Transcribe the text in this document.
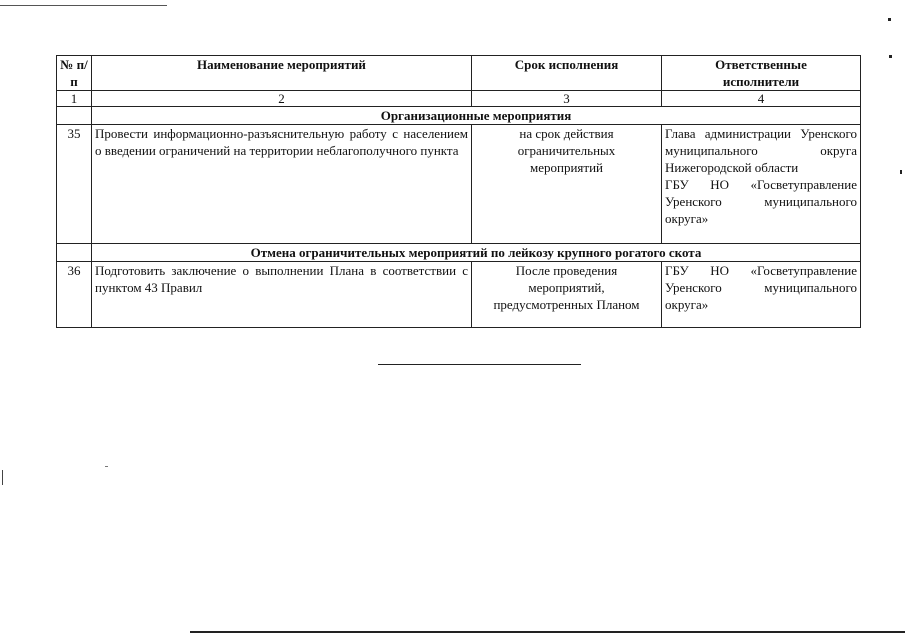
№ п/п	Наименование мероприятий	Срок исполнения	Ответственные исполнители
1	2	3	4
	Организационные мероприятия		
35	Провести информационно-разъяснительную работу с населением о введении ограничений на территории неблагополучного пункта	на срок действия ограничительных мероприятий	Глава администрации Уренского муниципального округа Нижегородской области
ГБУ НО «Госветуправление Уренского муниципального округа»

	Отмена ограничительных мероприятий по лейкозу крупного рогатого скота		
36	Подготовить заключение о выполнении Плана в соответствии с пунктом 43 Правил	После проведения мероприятий, предусмотренных Планом	ГБУ НО «Госветуправление Уренского муниципального округа»
